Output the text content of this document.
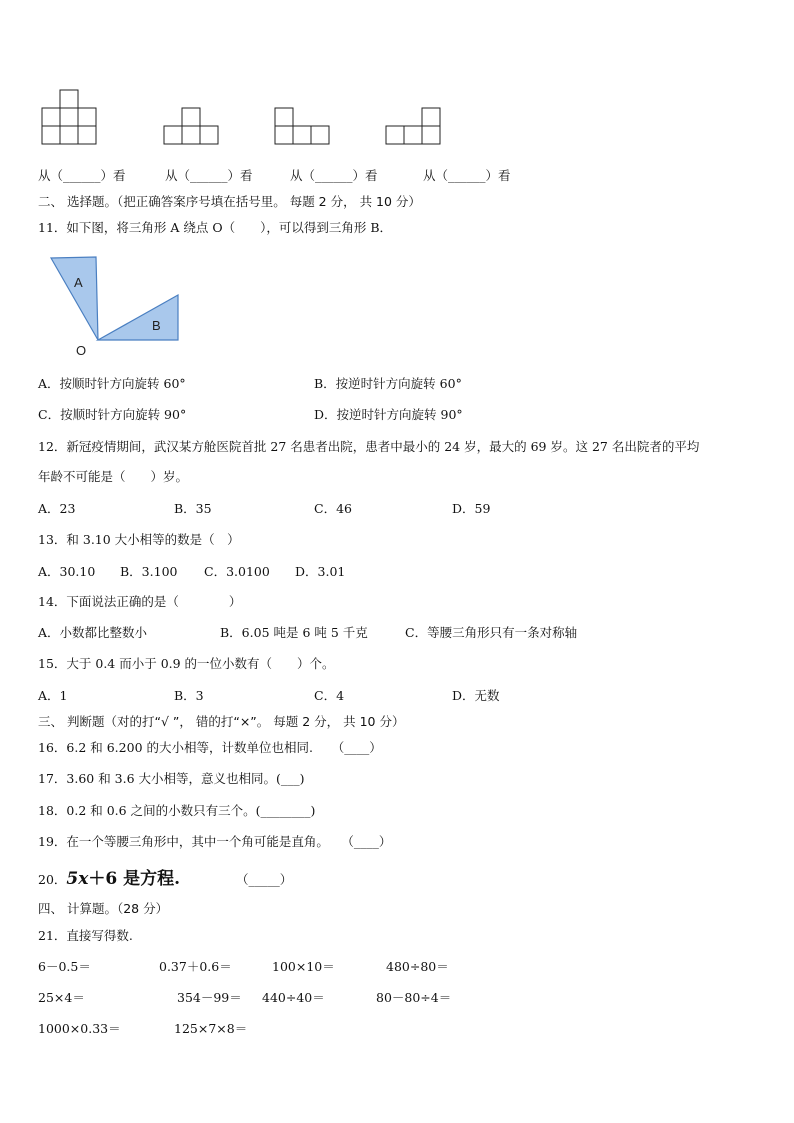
从（______）看	从（______）看	从（______）看	从（______）看
二、 选择题。（把正确答案序号填在括号里。 每题 2 分， 共 10 分）
11．如下图，将三角形 A 绕点 O（　　），可以得到三角形 B．
A
B
O
A．按顺时针方向旋转 60°	B．按逆时针方向旋转 60°
C．按顺时针方向旋转 90°	D．按逆时针方向旋转 90°
12．新冠疫情期间，武汉某方舱医院首批 27 名患者出院，患者中最小的 24 岁，最大的 69 岁。这 27 名出院者的平均
年龄不可能是（　　）岁。
A．23	B．35	C．46	D．59
13．和 3.10 大小相等的数是（　）
A．30.10 B．3.100 C．3.0100 D．3.01
14．下面说法正确的是（　　　　）
A．小数都比整数小	B．6.05 吨是 6 吨 5 千克	C．等腰三角形只有一条对称轴
15．大于 0.4 而小于 0.9 的一位小数有（　　）个。
A．1	B．3	C．4	D．无数
三、 判断题（对的打“√ ”， 错的打“×”。 每题 2 分， 共 10 分）
16．6.2 和 6.200 的大小相等，计数单位也相同.　　（____）
17．3.60 和 3.6 大小相等，意义也相同。(___)
18．0.2 和 0.6 之间的小数只有三个。(________)
19．在一个等腰三角形中，其中一个角可能是直角。　　（____）
20．5x＋6 是方程.	（_____）
四、 计算题。（28 分）
21．直接写得数.
6－0.5＝	0.37＋0.6＝	100×10＝	480÷80＝
25×4＝	354－99＝ 440÷40＝	80－80÷4＝
1000×0.33＝	125×7×8＝
